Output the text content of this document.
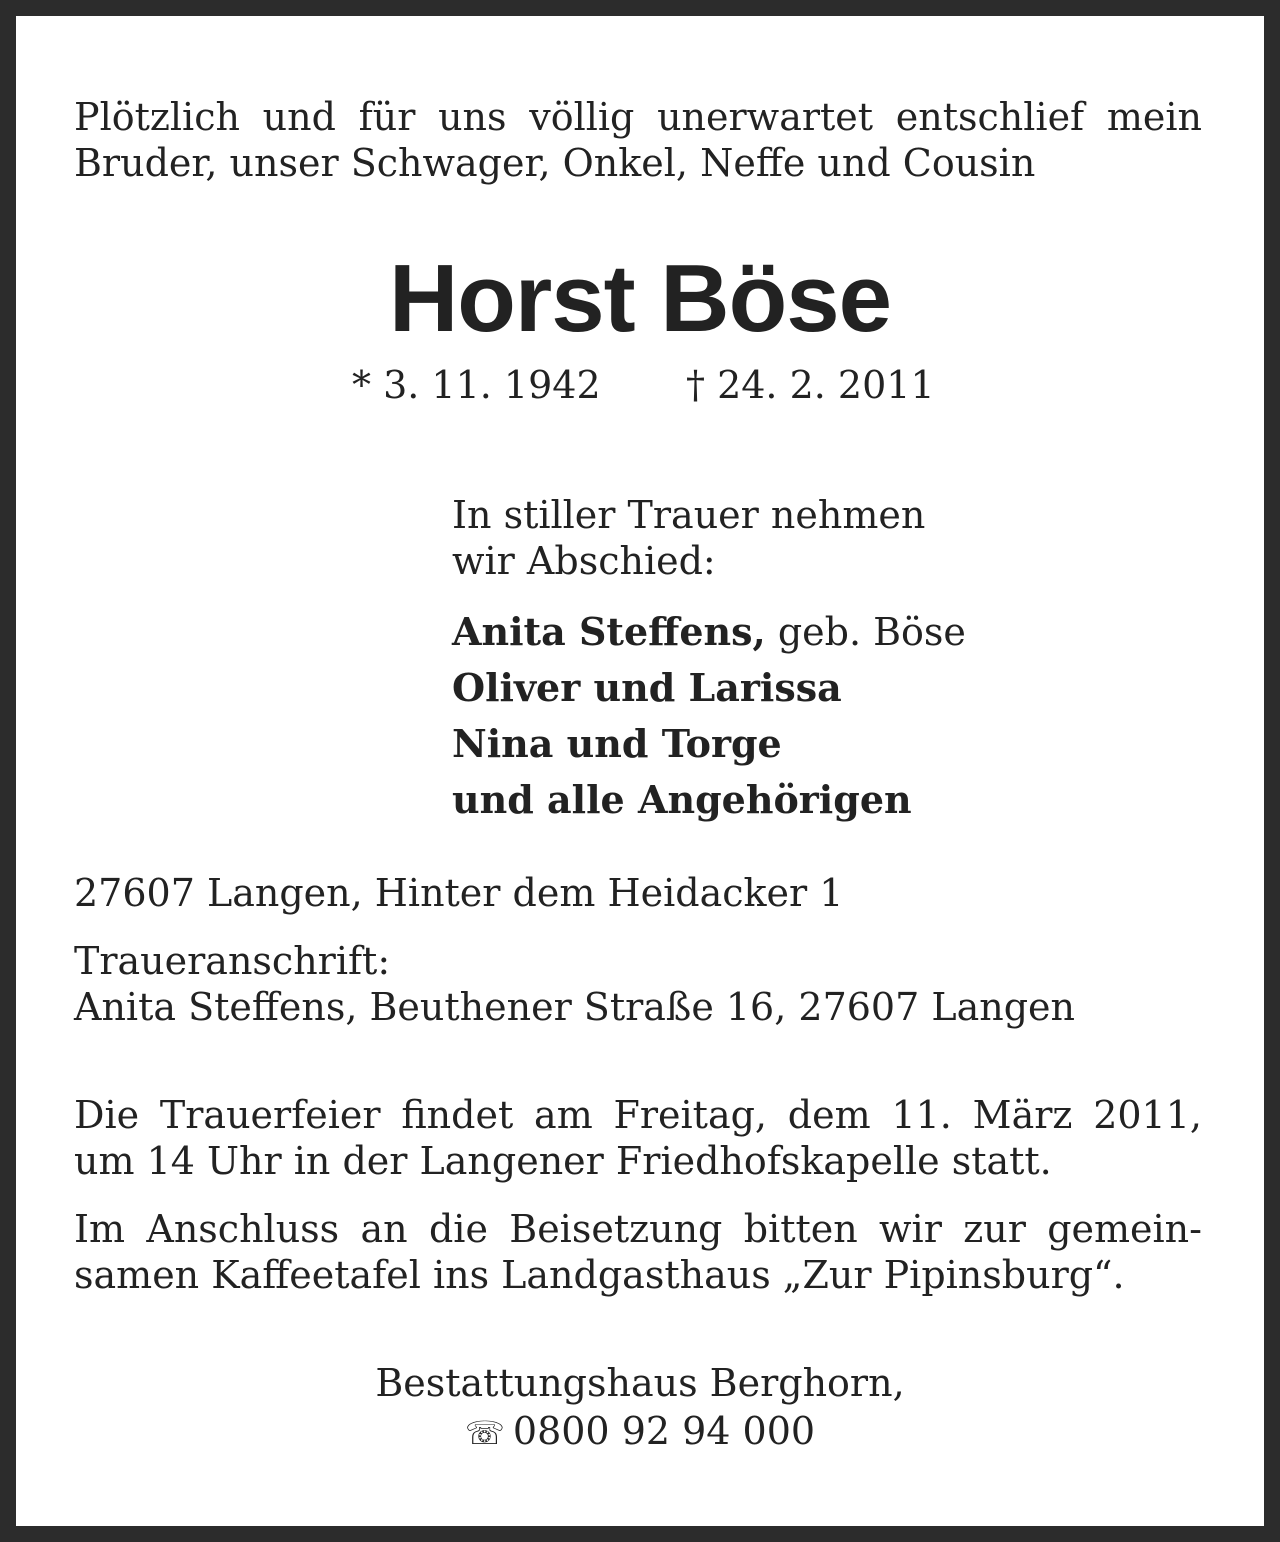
Plötzlich und für uns völlig unerwartet entschlief mein
Bruder, unser Schwager, Onkel, Neffe und Cousin
Horst Böse
* 3. 11. 1942 † 24. 2. 2011
In stiller Trauer nehmen
wir Abschied:
Anita Steffens, geb. Böse
Oliver und Larissa
Nina und Torge
und alle Angehörigen
27607 Langen, Hinter dem Heidacker 1
Traueranschrift:
Anita Steffens, Beuthener Straße 16, 27607 Langen
Die Trauerfeier findet am Freitag, dem 11. März 2011,
um 14 Uhr in der Langener Friedhofskapelle statt.
Im Anschluss an die Beisetzung bitten wir zur gemein-
samen Kaffeetafel ins Landgasthaus „Zur Pipinsburg“.
Bestattungshaus Berghorn,
☏ 0800 92 94 000
